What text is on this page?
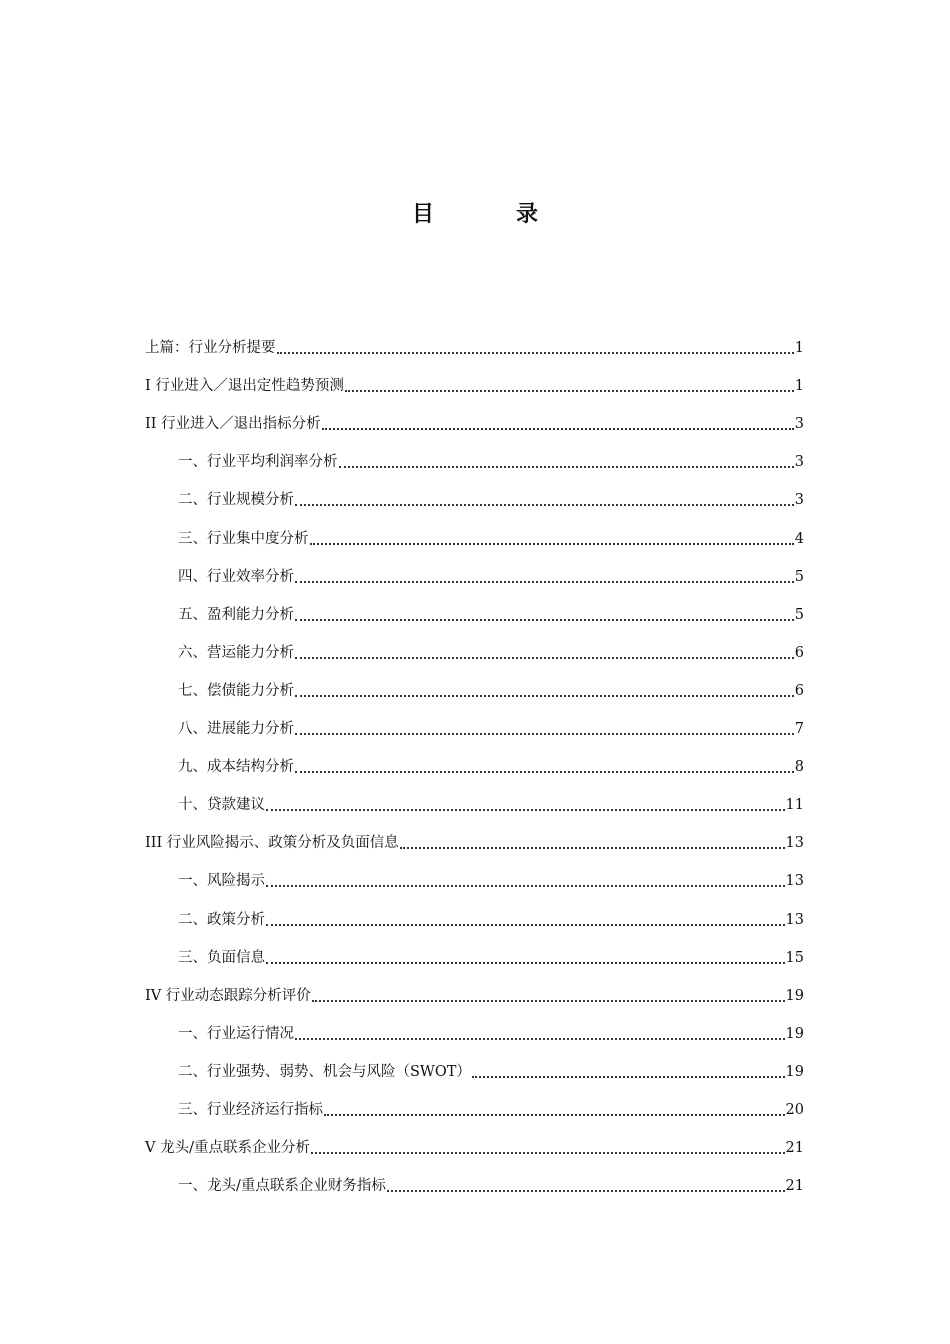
目　录
上篇：行业分析提要	1
I 行业进入／退出定性趋势预测	1
II 行业进入／退出指标分析	3
一、行业平均利润率分析	3
二、行业规模分析	3
三、行业集中度分析	4
四、行业效率分析	5
五、盈利能力分析	5
六、营运能力分析	6
七、偿债能力分析	6
八、进展能力分析	7
九、成本结构分析	8
十、贷款建议	11
III 行业风险揭示、政策分析及负面信息	13
一、风险揭示	13
二、政策分析	13
三、负面信息	15
IV 行业动态跟踪分析评价	19
一、行业运行情况	19
二、行业强势、弱势、机会与风险（SWOT）	19
三、行业经济运行指标	20
V 龙头/重点联系企业分析	21
一、龙头/重点联系企业财务指标	21
